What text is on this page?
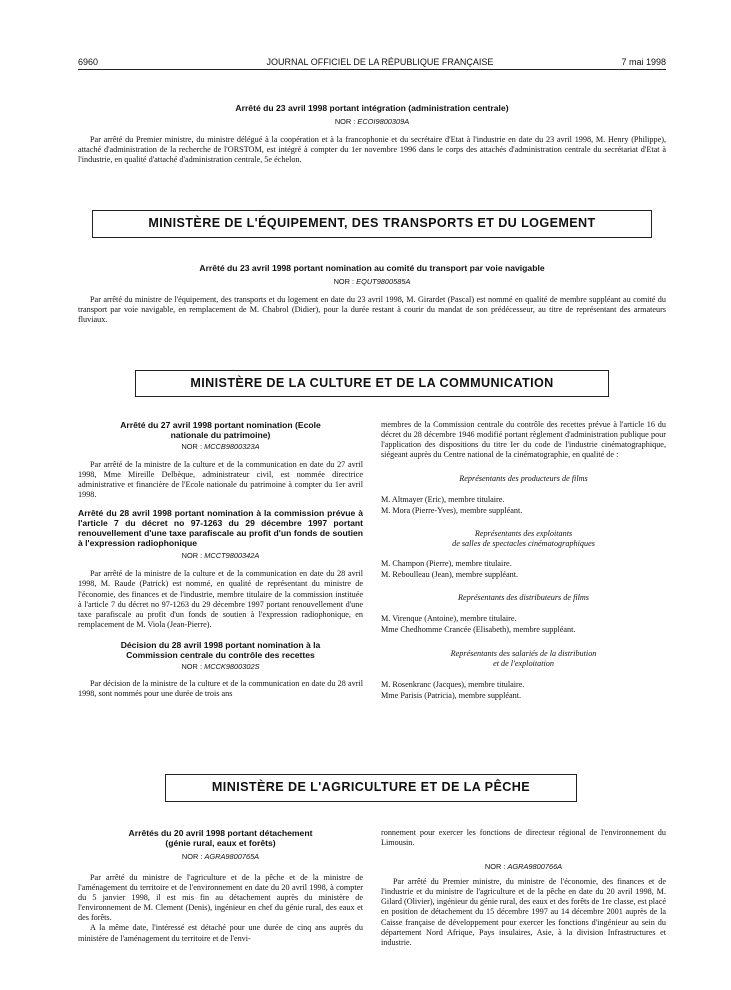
6960	JOURNAL OFFICIEL DE LA RÉPUBLIQUE FRANÇAISE	7 mai 1998
Arrêté du 23 avril 1998 portant intégration (administration centrale)
NOR : ECOI9800309A

Par arrêté du Premier ministre, du ministre délégué à la coopération et à la francophonie et du secrétaire d'Etat à l'industrie en date du 23 avril 1998, M. Henry (Philippe), attaché d'administration de la recherche de l'ORSTOM, est intégré à compter du 1er novembre 1996 dans le corps des attachés d'administration centrale du secrétariat d'Etat à l'industrie, en qualité d'attaché d'administration centrale, 5e échelon.

MINISTÈRE DE L'ÉQUIPEMENT, DES TRANSPORTS ET DU LOGEMENT
Arrêté du 23 avril 1998 portant nomination au comité du transport par voie navigable
NOR : EQUT9800585A

Par arrêté du ministre de l'équipement, des transports et du logement en date du 23 avril 1998, M. Girardet (Pascal) est nommé en qualité de membre suppléant au comité du transport par voie navigable, en remplacement de M. Chabrol (Didier), pour la durée restant à courir du mandat de son prédécesseur, au titre de représentant des armateurs fluviaux.

MINISTÈRE DE LA CULTURE ET DE LA COMMUNICATION
Arrêté du 27 avril 1998 portant nomination (Ecole nationale du patrimoine)
NOR : MCCB9800323A

Par arrêté de la ministre de la culture et de la communication en date du 27 avril 1998, Mme Mireille Delbèque, administrateur civil, est nommée directrice administrative et financière de l'Ecole nationale du patrimoine à compter du 1er avril 1998.

Arrêté du 28 avril 1998 portant nomination à la commission prévue à l'article 7 du décret no 97-1263 du 29 décembre 1997 portant renouvellement d'une taxe parafiscale au profit d'un fonds de soutien à l'expression radiophonique
NOR : MCCT9800342A

Par arrêté de la ministre de la culture et de la communication en date du 28 avril 1998, M. Raude (Patrick) est nommé, en qualité de représentant du ministre de l'économie, des finances et de l'industrie, membre titulaire de la commission instituée à l'article 7 du décret no 97-1263 du 29 décembre 1997 portant renouvellement d'une taxe parafiscale au profit d'un fonds de soutien à l'expression radiophonique, en remplacement de M. Viola (Jean-Pierre).

Décision du 28 avril 1998 portant nomination à la Commission centrale du contrôle des recettes
NOR : MCCK9800302S

Par décision de la ministre de la culture et de la communication en date du 28 avril 1998, sont nommés pour une durée de trois ans

membres de la Commission centrale du contrôle des recettes prévue à l'article 16 du décret du 28 décembre 1946 modifié portant règlement d'administration publique pour l'application des dispositions du titre Ier du code de l'industrie cinématographique, siégeant auprès du Centre national de la cinématographie, en qualité de :

Représentants des producteurs de films
M. Altmayer (Eric), membre titulaire.
M. Mora (Pierre-Yves), membre suppléant.
Représentants des exploitants
de salles de spectacles cinématographiques
M. Champon (Pierre), membre titulaire.
M. Reboulleau (Jean), membre suppléant.
Représentants des distributeurs de films
M. Virenque (Antoine), membre titulaire.
Mme Chedhomme Crancée (Elisabeth), membre suppléant.
Représentants des salariés de la distribution
et de l'exploitation
M. Rosenkranc (Jacques), membre titulaire.
Mme Parisis (Patricia), membre suppléant.
MINISTÈRE DE L'AGRICULTURE ET DE LA PÊCHE
Arrêtés du 20 avril 1998 portant détachement (génie rural, eaux et forêts)
NOR : AGRA9800765A

Par arrêté du ministre de l'agriculture et de la pêche et de la ministre de l'aménagement du territoire et de l'environnement en date du 20 avril 1998, à compter du 5 janvier 1998, il est mis fin au détachement auprès du ministère de l'environnement de M. Clement (Denis), ingénieur en chef du génie rural, des eaux et des forêts.

A la même date, l'intéressé est détaché pour une durée de cinq ans auprès du ministère de l'aménagement du territoire et de l'envi-

ronnement pour exercer les fonctions de directeur régional de l'environnement du Limousin.

NOR : AGRA9800766A

Par arrêté du Premier ministre, du ministre de l'économie, des finances et de l'industrie et du ministre de l'agriculture et de la pêche en date du 20 avril 1998, M. Gilard (Olivier), ingénieur du génie rural, des eaux et des forêts de 1re classe, est placé en position de détachement du 15 décembre 1997 au 14 décembre 2001 auprès de la Caisse française de développement pour exercer les fonctions d'ingénieur au sein du département Nord Afrique, Pays insulaires, Asie, à la division Infrastructures et industrie.
